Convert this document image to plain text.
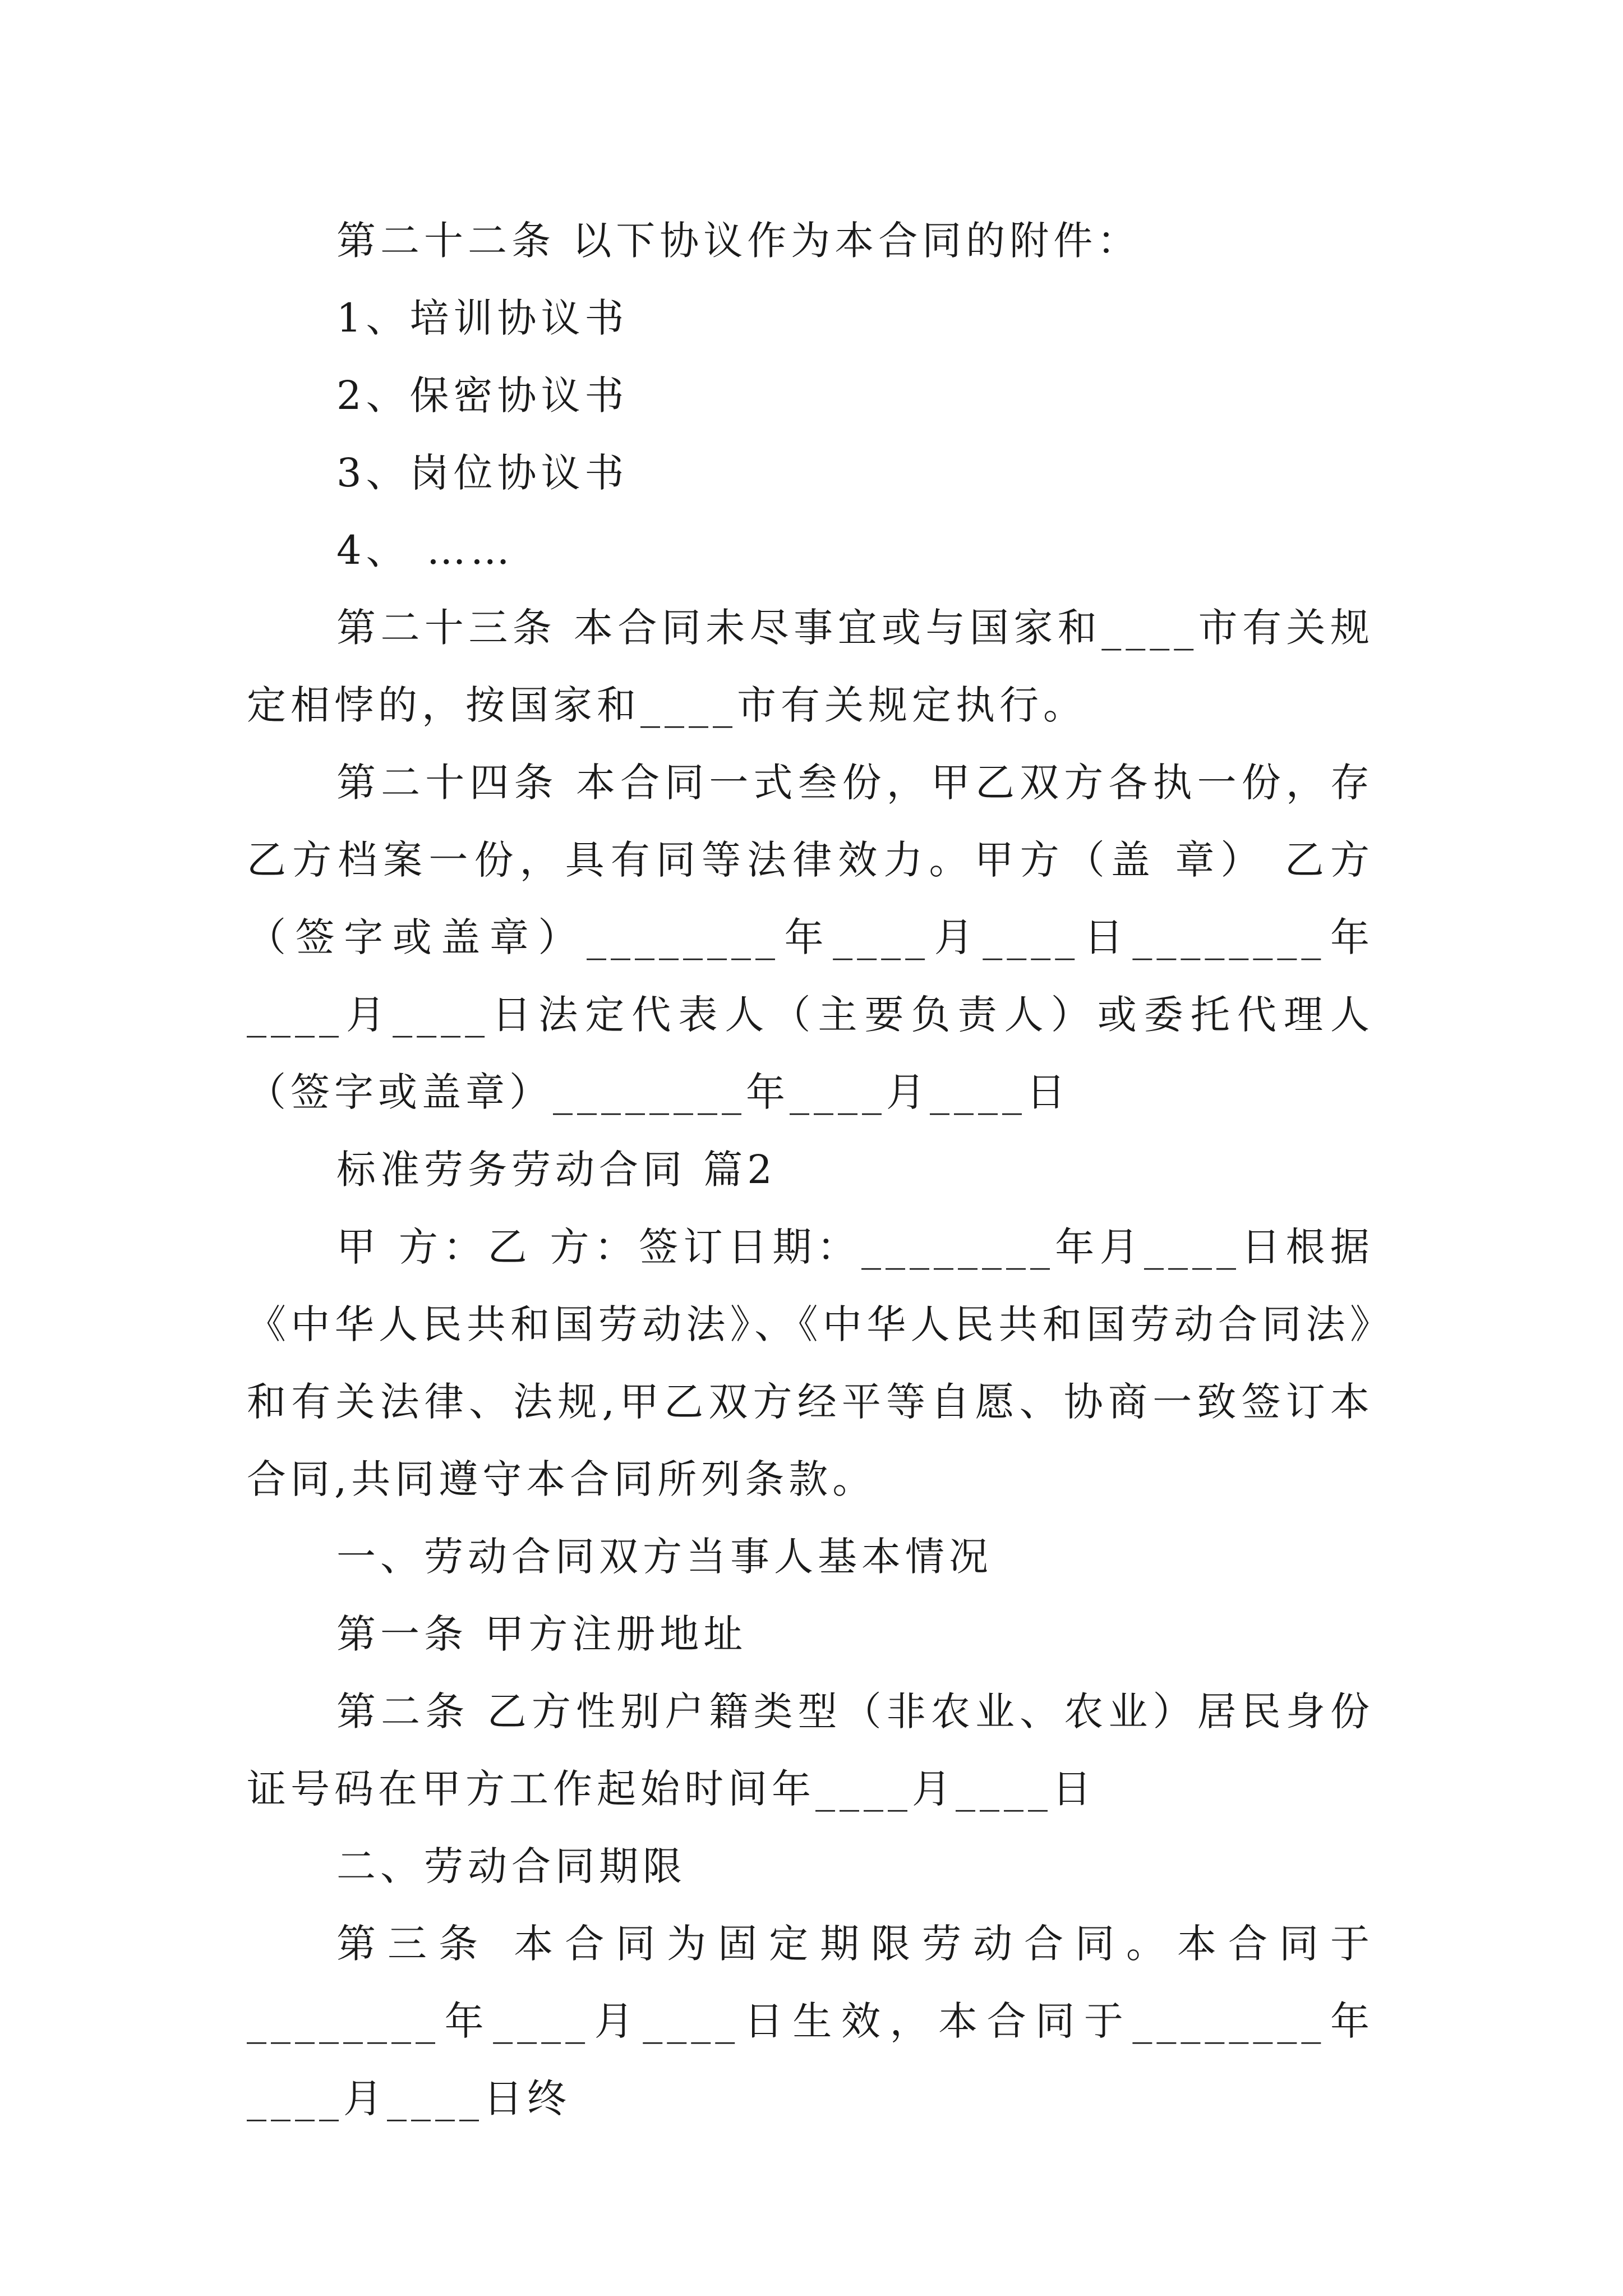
第二十二条 以下协议作为本合同的附件：

1、培训协议书

2、保密协议书

3、岗位协议书

4、 ……

第二十三条 本合同未尽事宜或与国家和____市有关规定相悖的，按国家和____市有关规定执行。

第二十四条 本合同一式叁份，甲乙双方各执一份，存乙方档案一份，具有同等法律效力。甲方（盖 章） 乙方（签字或盖章）________年____月____日________年____月____日法定代表人（主要负责人）或委托代理人（签字或盖章）________年____月____日

标准劳务劳动合同 篇2

甲 方：乙 方：签订日期：________年月____日根据《中华人民共和国劳动法》、《中华人民共和国劳动合同法》和有关法律、法规,甲乙双方经平等自愿、协商一致签订本合同,共同遵守本合同所列条款。

一、劳动合同双方当事人基本情况

第一条 甲方注册地址

第二条 乙方性别户籍类型（非农业、农业）居民身份证号码在甲方工作起始时间年____月____日

二、劳动合同期限

第三条 本合同为固定期限劳动合同。本合同于________年____月____日生效，本合同于________年____月____日终
